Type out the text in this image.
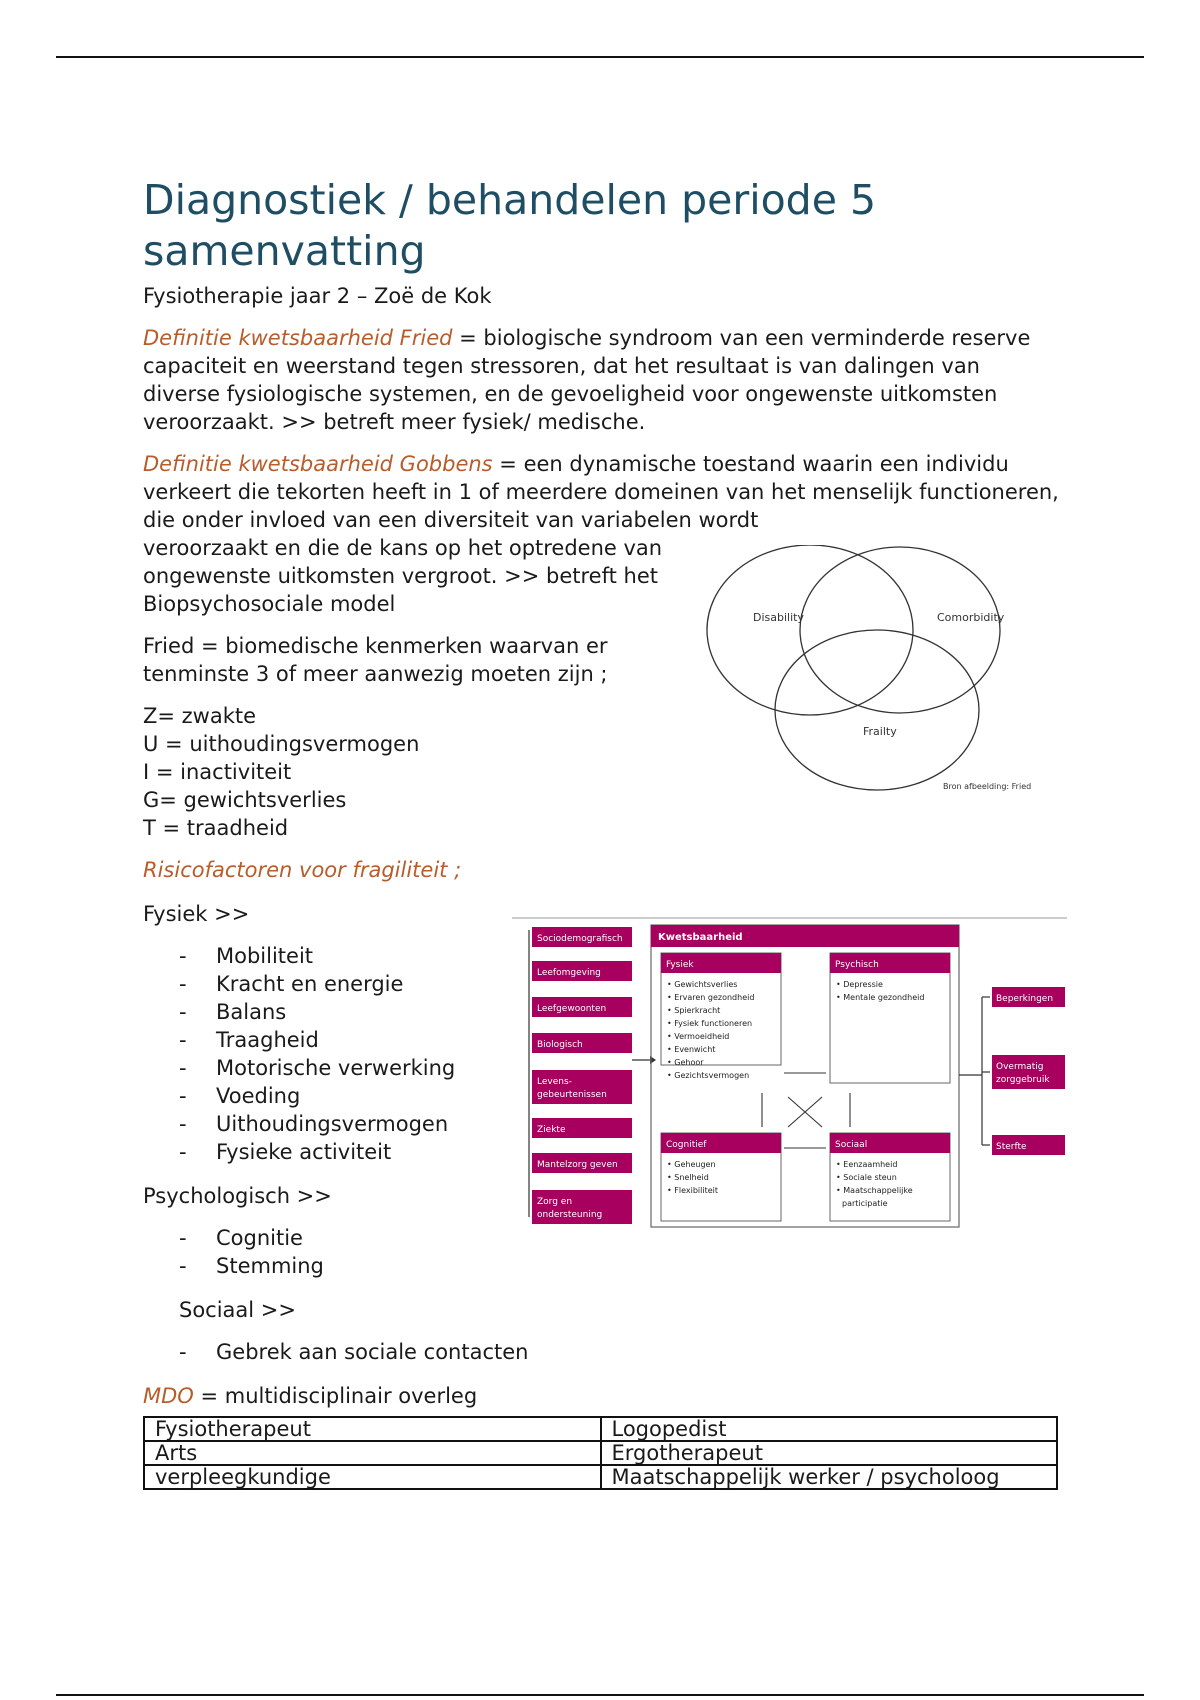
Diagnostiek / behandelen periode 5
samenvatting
Fysiotherapie jaar 2 – Zoë de Kok
Definitie kwetsbaarheid Fried = biologische syndroom van een verminderde reserve capaciteit en weerstand tegen stressoren, dat het resultaat is van dalingen van diverse fysiologische systemen, en de gevoeligheid voor ongewenste uitkomsten veroorzaakt. >> betreft meer fysiek/ medische.
Definitie kwetsbaarheid Gobbens = een dynamische toestand waarin een individu verkeert die tekorten heeft in 1 of meerdere domeinen van het menselijk functioneren, die onder invloed van een diversiteit van variabelen wordt
veroorzaakt en die de kans op het optredene van ongewenste uitkomsten vergroot. >> betreft het Biopsychosociale model
Fried = biomedische kenmerken waarvan er tenminste 3 of meer aanwezig moeten zijn ;
Z= zwakte
U = uithoudingsvermogen
I = inactiviteit
G= gewichtsverlies
T = traadheid
Risicofactoren voor fragiliteit ;
Fysiek >>
- Mobiliteit
- Kracht en energie
- Balans
- Traagheid
- Motorische verwerking
- Voeding
- Uithoudingsvermogen
- Fysieke activiteit
Psychologisch >>
- Cognitie
- Stemming
Sociaal >>
- Gebrek aan sociale contacten
MDO = multidisciplinair overleg
Fysiotherapeut	Logopedist
Arts	Ergotherapeut
verpleegkundige	Maatschappelijk werker / psycholoog
Disability	Comorbidity
Frailty
Bron afbeelding: Fried
Sociodemografisch
Leefomgeving
Leefgewoonten
Biologisch
Levens-
gebeurtenissen
Ziekte
Mantelzorg geven
Zorg en
ondersteuning
Kwetsbaarheid
Fysiek
• Gewichtsverlies
• Ervaren gezondheid
• Spierkracht
• Fysiek functioneren
• Vermoeidheid
• Evenwicht
• Gehoor
• Gezichtsvermogen
Psychisch
• Depressie
• Mentale gezondheid
Cognitief
• Geheugen
• Snelheid
• Flexibiliteit
Sociaal
• Eenzaamheid
• Sociale steun
• Maatschappelijke
participatie
Beperkingen
Overmatig
zorggebruik
Sterfte
